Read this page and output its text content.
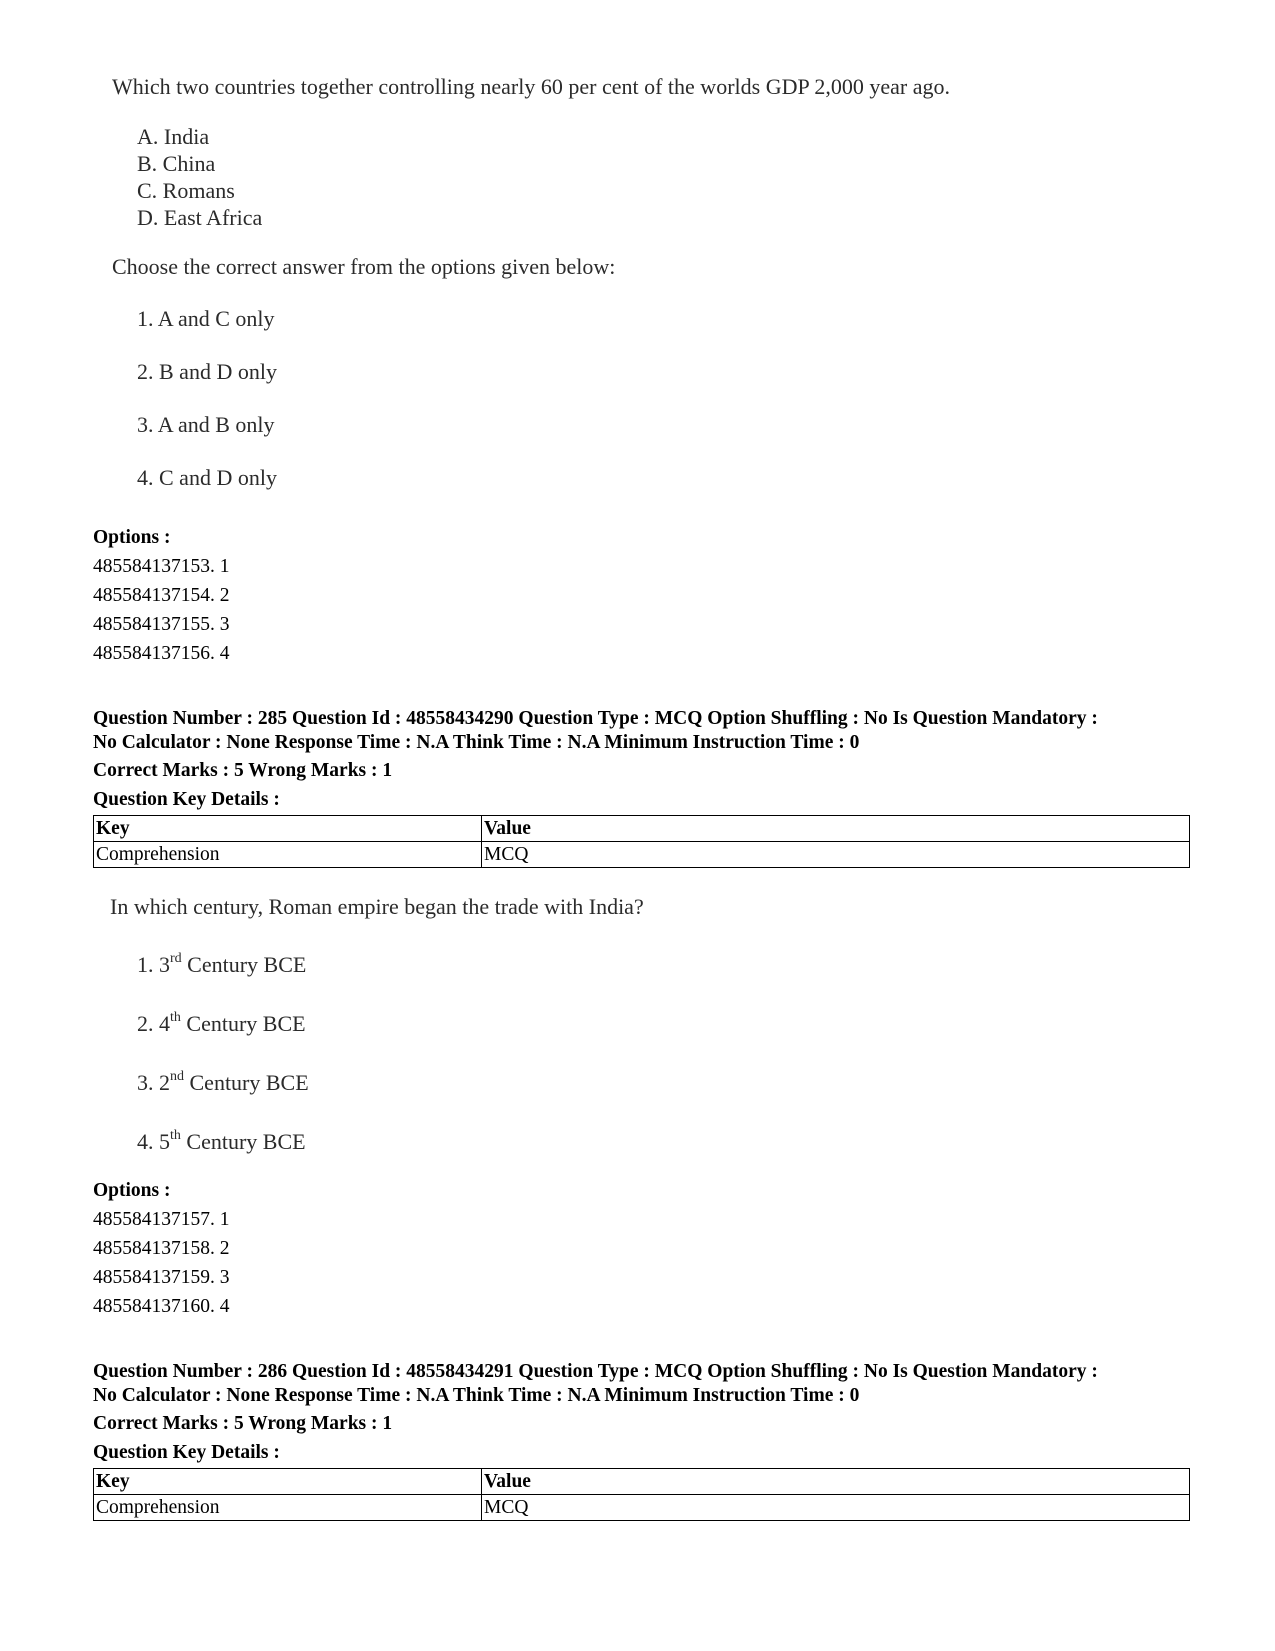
Which two countries together controlling nearly 60 per cent of the worlds GDP 2,000 year ago.
A. India
B. China
C. Romans
D. East Africa
Choose the correct answer from the options given below:
1. A and C only
2. B and D only
3. A and B only
4. C and D only
Options :
485584137153. 1
485584137154. 2
485584137155. 3
485584137156. 4
Question Number : 285 Question Id : 48558434290 Question Type : MCQ Option Shuffling : No Is Question Mandatory :
No Calculator : None Response Time : N.A Think Time : N.A Minimum Instruction Time : 0
Correct Marks : 5 Wrong Marks : 1
Question Key Details :
Key	Value
Comprehension	MCQ
In which century, Roman empire began the trade with India?
1. 3rd Century BCE
2. 4th Century BCE
3. 2nd Century BCE
4. 5th Century BCE
Options :
485584137157. 1
485584137158. 2
485584137159. 3
485584137160. 4
Question Number : 286 Question Id : 48558434291 Question Type : MCQ Option Shuffling : No Is Question Mandatory :
No Calculator : None Response Time : N.A Think Time : N.A Minimum Instruction Time : 0
Correct Marks : 5 Wrong Marks : 1
Question Key Details :
Key	Value
Comprehension	MCQ
